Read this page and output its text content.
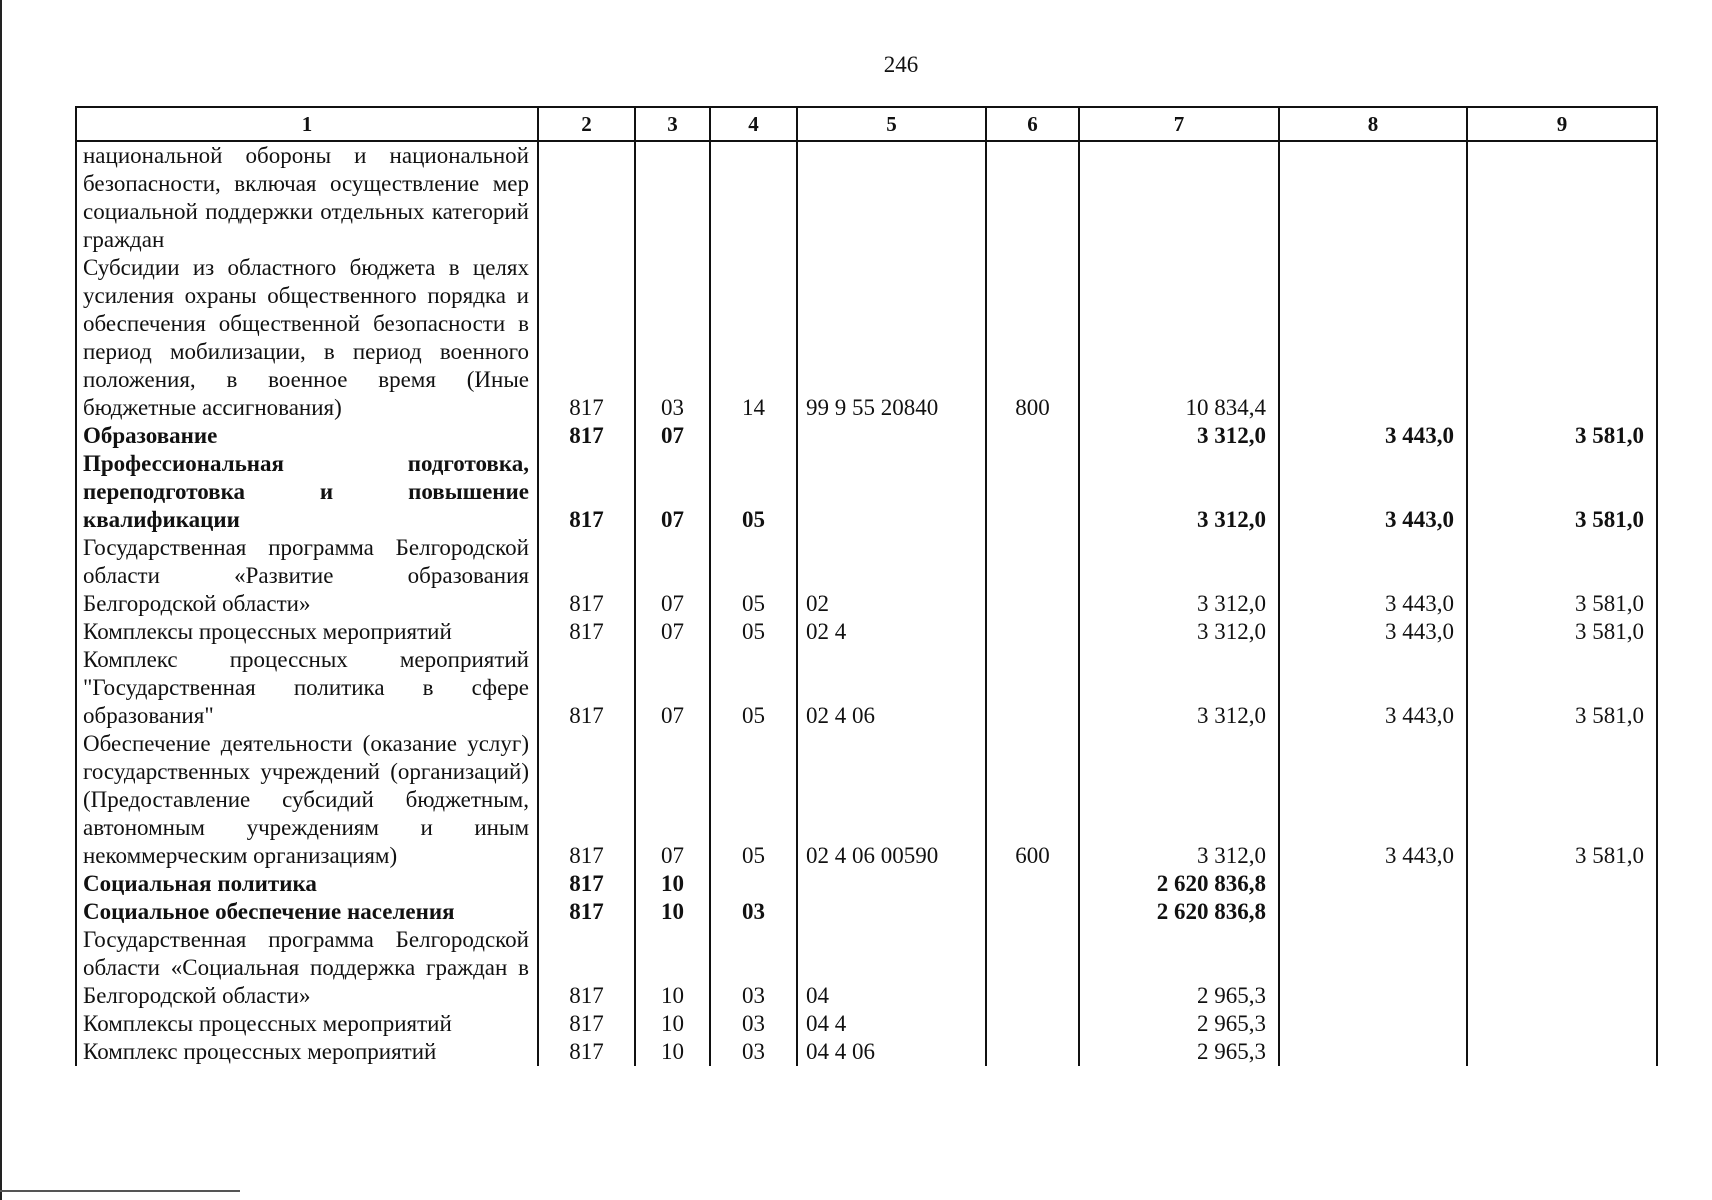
246
1	2	3	4	5	6	7	8	9
национальной обороны и национальной безопасности, включая осуществление мер социальной поддержки отдельных категорий граждан								
Субсидии из областного бюджета в целях усиления охраны общественного порядка и обеспечения общественной безопасности в период мобилизации, в период военного положения, в военное время (Иные бюджетные ассигнования)	817	03	14	99 9 55 20840	800	10 834,4		
Образование	817	07				3 312,0	3 443,0	3 581,0
Профессиональная подготовка, переподготовка и повышение квалификации	817	07	05			3 312,0	3 443,0	3 581,0
Государственная программа Белгородской области «Развитие образования Белгородской области»	817	07	05	02		3 312,0	3 443,0	3 581,0
Комплексы процессных мероприятий	817	07	05	02 4		3 312,0	3 443,0	3 581,0
Комплекс процессных мероприятий "Государственная политика в сфере образования"	817	07	05	02 4 06		3 312,0	3 443,0	3 581,0
Обеспечение деятельности (оказание услуг) государственных учреждений (организаций) (Предоставление субсидий бюджетным, автономным учреждениям и иным некоммерческим организациям)	817	07	05	02 4 06 00590	600	3 312,0	3 443,0	3 581,0
Социальная политика	817	10				2 620 836,8		
Социальное обеспечение населения	817	10	03			2 620 836,8		
Государственная программа Белгородской области «Социальная поддержка граждан в Белгородской области»	817	10	03	04		2 965,3		
Комплексы процессных мероприятий	817	10	03	04 4		2 965,3		
Комплекс процессных мероприятий	817	10	03	04 4 06		2 965,3		
